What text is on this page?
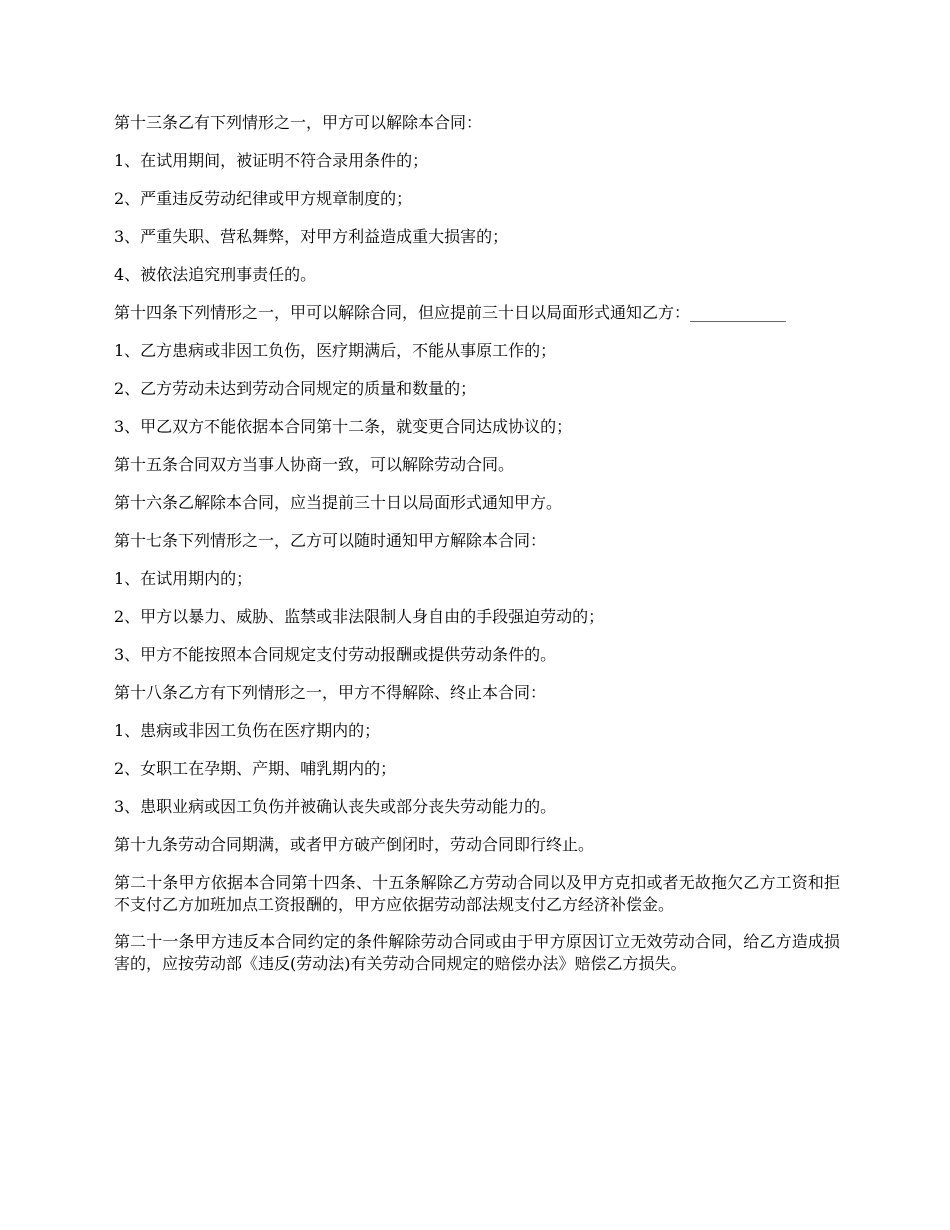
第十三条乙有下列情形之一，甲方可以解除本合同：

1、在试用期间，被证明不符合录用条件的；

2、严重违反劳动纪律或甲方规章制度的；

3、严重失职、营私舞弊，对甲方利益造成重大损害的；

4、被依法追究刑事责任的。

第十四条下列情形之一，甲可以解除合同，但应提前三十日以局面形式通知乙方：____________

1、乙方患病或非因工负伤，医疗期满后，不能从事原工作的；

2、乙方劳动未达到劳动合同规定的质量和数量的；

3、甲乙双方不能依据本合同第十二条，就变更合同达成协议的；

第十五条合同双方当事人协商一致，可以解除劳动合同。

第十六条乙解除本合同，应当提前三十日以局面形式通知甲方。

第十七条下列情形之一，乙方可以随时通知甲方解除本合同：

1、在试用期内的；

2、甲方以暴力、威胁、监禁或非法限制人身自由的手段强迫劳动的；

3、甲方不能按照本合同规定支付劳动报酬或提供劳动条件的。

第十八条乙方有下列情形之一，甲方不得解除、终止本合同：

1、患病或非因工负伤在医疗期内的；

2、女职工在孕期、产期、哺乳期内的；

3、患职业病或因工负伤并被确认丧失或部分丧失劳动能力的。

第十九条劳动合同期满，或者甲方破产倒闭时，劳动合同即行终止。

第二十条甲方依据本合同第十四条、十五条解除乙方劳动合同以及甲方克扣或者无故拖欠乙方工资和拒不支付乙方加班加点工资报酬的，甲方应依据劳动部法规支付乙方经济补偿金。

第二十一条甲方违反本合同约定的条件解除劳动合同或由于甲方原因订立无效劳动合同，给乙方造成损害的，应按劳动部《违反(劳动法)有关劳动合同规定的赔偿办法》赔偿乙方损失。
